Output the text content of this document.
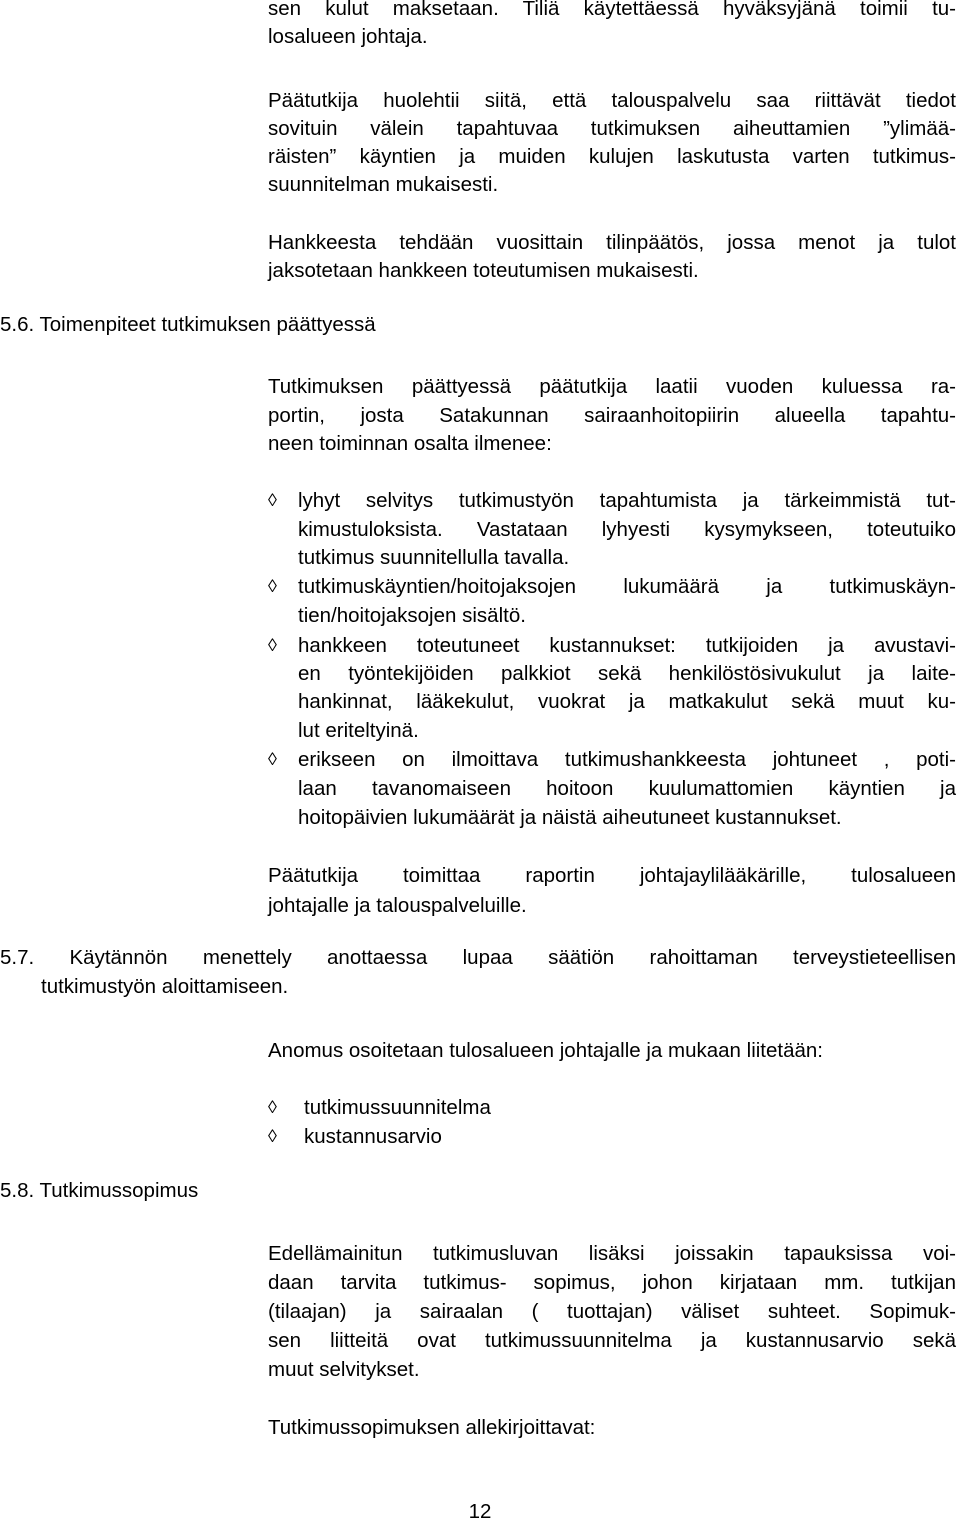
sen kulut maksetaan. Tiliä käytettäessä hyväksyjänä toimii tu-
losalueen johtaja.
Päätutkija huolehtii siitä, että talouspalvelu saa riittävät tiedot
sovituin välein tapahtuvaa tutkimuksen aiheuttamien ”ylimää-
räisten” käyntien ja muiden kulujen laskutusta varten tutkimus-
suunnitelman mukaisesti.
Hankkeesta tehdään vuosittain tilinpäätös, jossa menot ja tulot
jaksotetaan hankkeen toteutumisen mukaisesti.
5.6. Toimenpiteet tutkimuksen päättyessä
Tutkimuksen päättyessä päätutkija laatii vuoden kuluessa ra-
portin, josta Satakunnan sairaanhoitopiirin alueella tapahtu-
neen toiminnan osalta ilmenee:
◊ lyhyt selvitys tutkimustyön tapahtumista ja tärkeimmistä tut-
kimustuloksista. Vastataan lyhyesti kysymykseen, toteutuiko
tutkimus suunnitellulla tavalla.
◊ tutkimuskäyntien/hoitojaksojen lukumäärä ja tutkimuskäyn-
tien/hoitojaksojen sisältö.
◊ hankkeen toteutuneet kustannukset: tutkijoiden ja avustavi-
en työntekijöiden palkkiot sekä henkilöstösivukulut ja laite-
hankinnat, lääkekulut, vuokrat ja matkakulut sekä muut ku-
lut eriteltyinä.
◊ erikseen on ilmoittava tutkimushankkeesta johtuneet , poti-
laan tavanomaiseen hoitoon kuulumattomien käyntien ja
hoitopäivien lukumäärät ja näistä aiheutuneet kustannukset.
Päätutkija toimittaa raportin johtajaylilääkärille, tulosalueen
johtajalle ja talouspalveluille.
5.7. Käytännön menettely anottaessa lupaa säätiön rahoittaman terveystieteellisen
tutkimustyön aloittamiseen.
Anomus osoitetaan tulosalueen johtajalle ja mukaan liitetään:
◊ tutkimussuunnitelma
◊ kustannusarvio
5.8. Tutkimussopimus
Edellämainitun tutkimusluvan lisäksi joissakin tapauksissa voi-
daan tarvita tutkimus- sopimus, johon kirjataan mm. tutkijan
(tilaajan) ja sairaalan ( tuottajan) väliset suhteet. Sopimuk-
sen liitteitä ovat tutkimussuunnitelma ja kustannusarvio sekä
muut selvitykset.
Tutkimussopimuksen allekirjoittavat:
12
